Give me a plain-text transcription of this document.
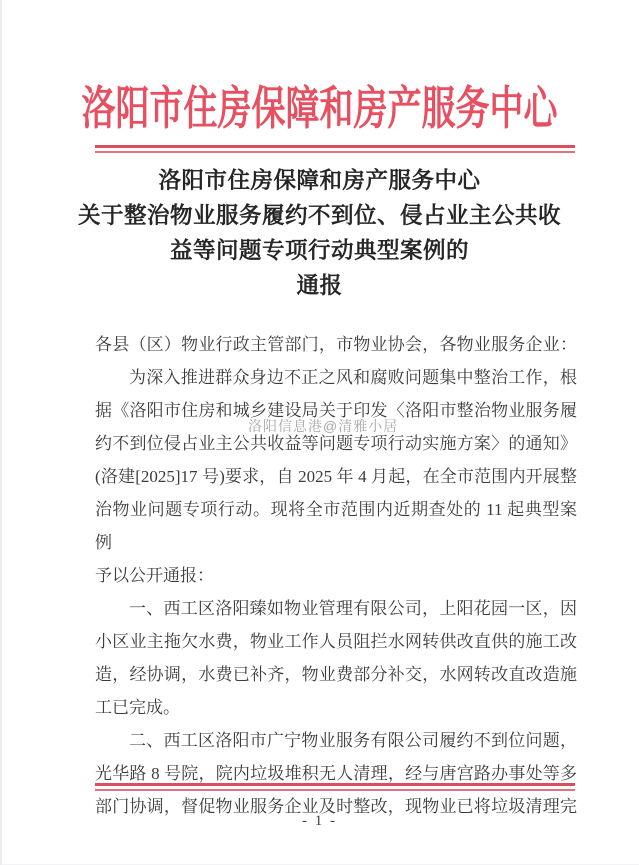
洛阳市住房保障和房产服务中心
洛阳市住房保障和房产服务中心
关于整治物业服务履约不到位、侵占业主公共收
益等问题专项行动典型案例的
通报
各县（区）物业行政主管部门，市物业协会，各物业服务企业：
为深入推进群众身边不正之风和腐败问题集中整治工作，根
据《洛阳市住房和城乡建设局关于印发〈洛阳市整治物业服务履
约不到位侵占业主公共收益等问题专项行动实施方案〉的通知》
(洛建[2025]17 号)要求，自 2025 年 4 月起，在全市范围内开展整
治物业问题专项行动。现将全市范围内近期查处的 11 起典型案例
予以公开通报：
一、西工区洛阳臻如物业管理有限公司，上阳花园一区，因
小区业主拖欠水费，物业工作人员阻拦水网转供改直供的施工改
造，经协调，水费已补齐，物业费部分补交，水网转改直改造施
工已完成。
二、西工区洛阳市广宁物业服务有限公司履约不到位问题，
光华路 8 号院，院内垃圾堆积无人清理，经与唐宫路办事处等多
部门协调，督促物业服务企业及时整改，现物业已将垃圾清理完
洛阳信息港@清雅小居
- 1 -
